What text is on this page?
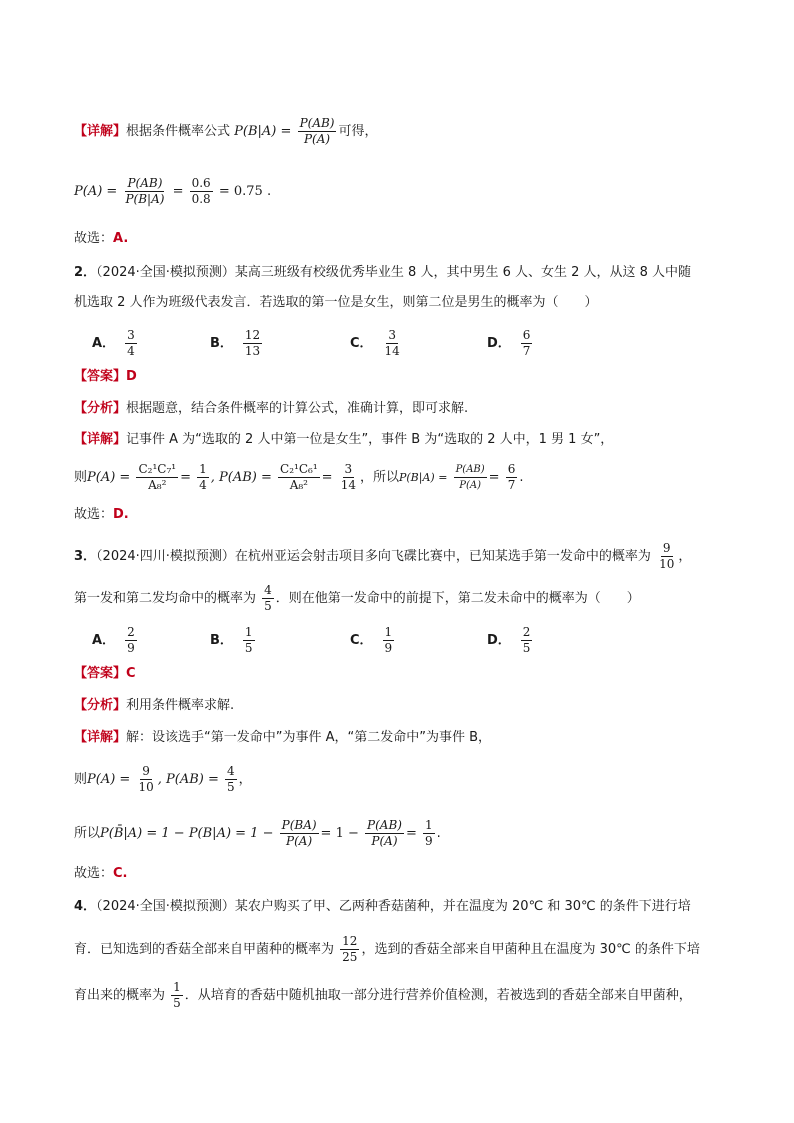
【详解】根据条件概率公式 $P(B|A) = \frac{P(AB)}{P(A)}$ 可得，
$P(A) = \frac{P(AB)}{P(B|A)} = \frac{0.6}{0.8} = 0.75$ .
故选：A.
2．（2024·全国·模拟预测）某高三班级有校级优秀毕业生 8 人，其中男生 6 人、女生 2 人，从这 8 人中随
机选取 2 人作为班级代表发言．若选取的第一位是女生，则第二位是男生的概率为（　　）
A． $\frac{3}{4}$	B． $\frac{12}{13}$	C． $\frac{3}{14}$	D． $\frac{6}{7}$
【答案】D
【分析】根据题意，结合条件概率的计算公式，准确计算，即可求解.
【详解】记事件 A 为“选取的 2 人中第一位是女生”，事件 B 为“选取的 2 人中，1 男 1 女”，
则$P(A) = \frac{\text{C₂¹C₇¹}}{\text{A₈²}} = \frac{1}{4}$ , $P(AB) = \frac{\text{C₂¹C₆¹}}{\text{A₈²}} = \frac{3}{14}$ ，所以$P(B|A) = \frac{P(AB)}{P(A)} = \frac{6}{7}$ .
故选：D.
3．（2024·四川·模拟预测）在杭州亚运会射击项目多向飞碟比赛中，已知某选手第一发命中的概率为 $\frac{9}{10}$ ，
第一发和第二发均命中的概率为 $\frac{4}{5}$ ．则在他第一发命中的前提下，第二发未命中的概率为（　　）
A． $\frac{2}{9}$	B． $\frac{1}{5}$	C． $\frac{1}{9}$	D． $\frac{2}{5}$
【答案】C
【分析】利用条件概率求解.
【详解】解：设该选手“第一发命中”为事件 A，“第二发命中”为事件 B，
则$P(A) = \frac{9}{10}$ , $P(AB) = \frac{4}{5}$ ，
所以P(B̄|A) = $1 - P(B|A) = 1 - \frac{P(BA)}{P(A)} = 1 - \frac{P(AB)}{P(A)} = \frac{1}{9}$ .
故选：C.
4．（2024·全国·模拟预测）某农户购买了甲、乙两种香菇菌种，并在温度为 20℃ 和 30℃ 的条件下进行培
育．已知选到的香菇全部来自甲菌种的概率为 $\frac{12}{25}$ ，选到的香菇全部来自甲菌种且在温度为 30℃ 的条件下培
育出来的概率为 $\frac{1}{5}$ ．从培育的香菇中随机抽取一部分进行营养价值检测，若被选到的香菇全部来自甲菌种，
